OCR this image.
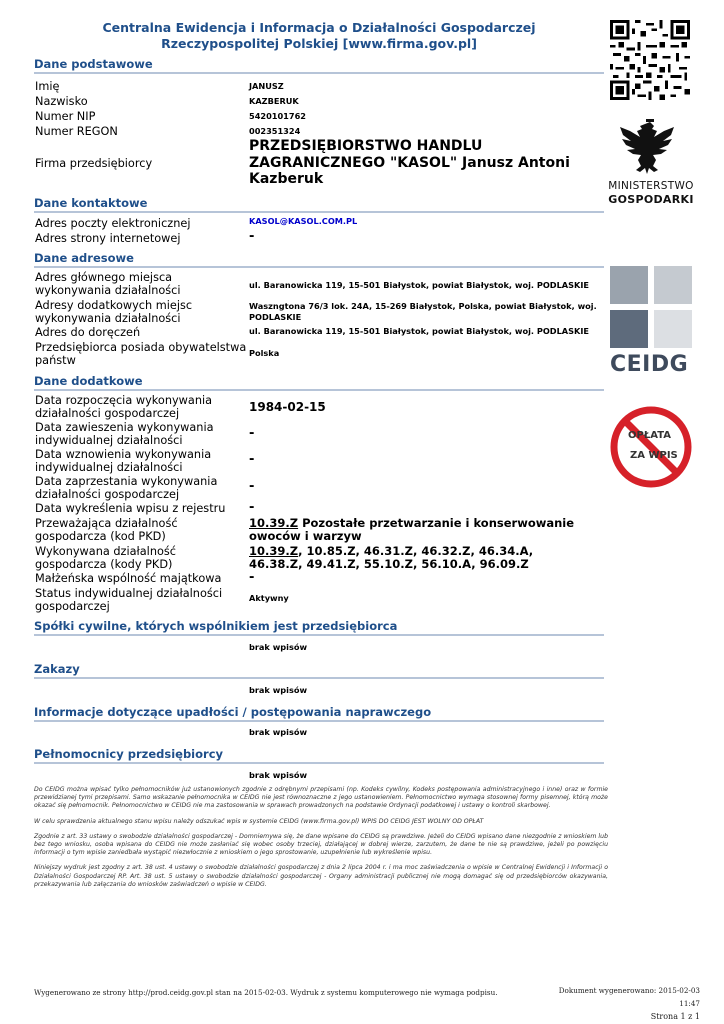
Centralna Ewidencja i Informacja o Działalności Gospodarczej
Rzeczypospolitej Polskiej [www.firma.gov.pl]
Dane podstawowe
Imię	JANUSZ
Nazwisko	KAZBERUK
Numer NIP	5420101762
Numer REGON	002351324
Firma przedsiębiorcy
PRZEDSIĘBIORSTWO HANDLU ZAGRANICZNEGO "KASOL" Janusz Antoni Kazberuk
Dane kontaktowe
Adres poczty elektronicznej	KASOL@KASOL.COM.PL
Adres strony internetowej	-
Dane adresowe
Adres głównego miejsca wykonywania działalności	ul. Baranowicka 119, 15-501 Białystok, powiat Białystok, woj. PODLASKIE
Adresy dodatkowych miejsc wykonywania działalności
Waszngtona 76/3 lok. 24A, 15-269 Białystok, Polska, powiat Białystok, woj. PODLASKIE
Adres do doręczeń	ul. Baranowicka 119, 15-501 Białystok, powiat Białystok, woj. PODLASKIE
Przedsiębiorca posiada obywatelstwa państw
Polska
Dane dodatkowe
Data rozpoczęcia wykonywania działalności gospodarczej	1984-02-15
Data zawieszenia wykonywania indywidualnej działalności	-
Data wznowienia wykonywania indywidualnej działalności
-
Data zaprzestania wykonywania działalności gospodarczej
-
Data wykreślenia wpisu z rejestru	-
Przeważająca działalność gospodarcza (kod PKD)
10.39.Z Pozostałe przetwarzanie i konserwowanie owoców i warzyw
Wykonywana działalność gospodarcza (kody PKD)
10.39.Z, 10.85.Z, 46.31.Z, 46.32.Z, 46.34.A, 46.38.Z, 49.41.Z, 55.10.Z, 56.10.A, 96.09.Z
Małżeńska wspólność majątkowa	-
Status indywidualnej działalności gospodarczej
Aktywny
Spółki cywilne, których wspólnikiem jest przedsiębiorca
brak wpisów
Zakazy
brak wpisów
Informacje dotyczące upadłości / postępowania naprawczego
brak wpisów
Pełnomocnicy przedsiębiorcy
brak wpisów

Do CEIDG można wpisać tylko pełnomocników już ustanowionych zgodnie z odrębnymi przepisami (np. Kodeks cywilny, Kodeks postępowania administracyjnego i inne) oraz w formie przewidzianej tymi przepisami. Samo wskazanie pełnomocnika w CEIDG nie jest równoznaczne z jego ustanowieniem. Pełnomocnictwo wymaga stosownej formy pisemnej, którą może okazać się pełnomocnik. Pełnomocnictwo w CEIDG nie ma zastosowania w sprawach prowadzonych na podstawie Ordynacji podatkowej i ustawy o kontroli skarbowej.

W celu sprawdzenia aktualnego stanu wpisu należy odszukać wpis w systemie CEIDG (www.firma.gov.pl) WPIS DO CEIDG JEST WOLNY OD OPŁAT

Zgodnie z art. 33 ustawy o swobodzie działalności gospodarczej - Domniemywa się, że dane wpisane do CEIDG są prawdziwe. Jeżeli do CEIDG wpisano dane niezgodnie z wnioskiem lub bez tego wniosku, osoba wpisana do CEIDG nie może zasłaniać się wobec osoby trzeciej, działającej w dobrej wierze, zarzutem, że dane te nie są prawdziwe, jeżeli po powzięciu informacji o tym wpisie zaniedbała wystąpić niezwłocznie z wnioskiem o jego sprostowanie, uzupełnienie lub wykreślenie wpisu.

Niniejszy wydruk jest zgodny z art. 38 ust. 4 ustawy o swobodzie działalności gospodarczej z dnia 2 lipca 2004 r. i ma moc zaświadczenia o wpisie w Centralnej Ewidencji i Informacji o Działalności Gospodarczej RP. Art. 38 ust. 5 ustawy o swobodzie działalności gospodarczej - Organy administracji publicznej nie mogą domagać się od przedsiębiorców okazywania, przekazywania lub załączania do wniosków zaświadczeń o wpisie w CEIDG.

Wygenerowano ze strony http://prod.ceidg.gov.pl stan na 2015-02-03. Wydruk z systemu komputerowego nie wymaga podpisu.	Dokument wygenerowano: 2015-02-03 11:47
Strona 1 z 1
MINISTERSTWO
GOSPODARKI
CEIDG
OPŁATA
ZA WPIS
